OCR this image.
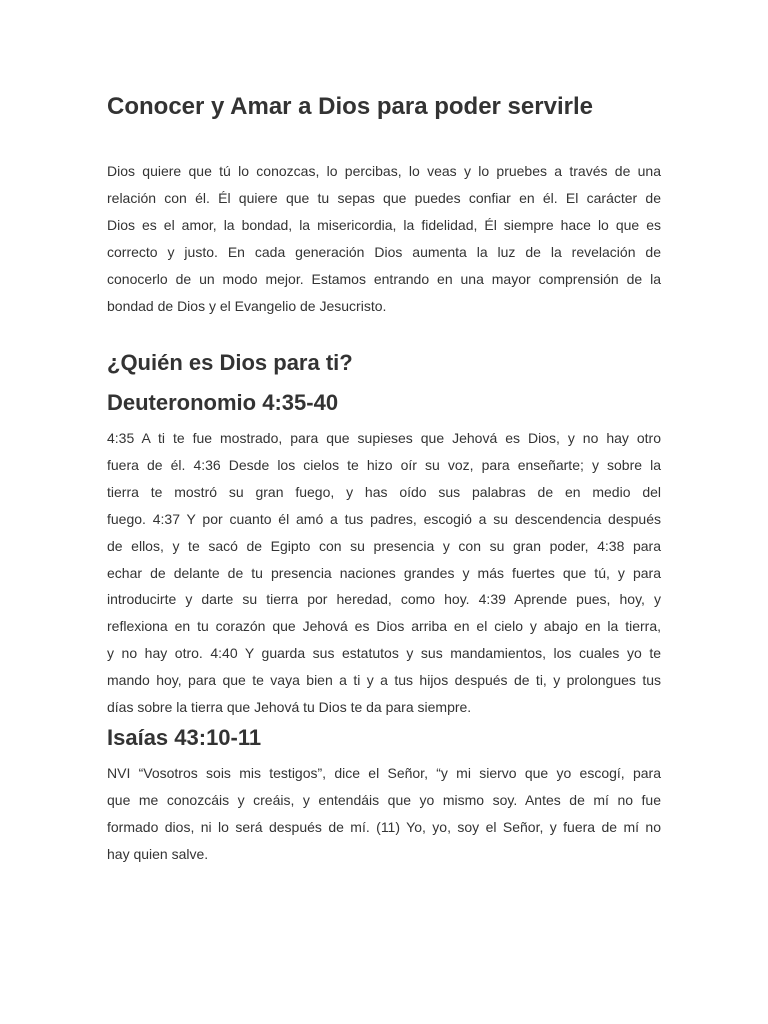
Conocer y Amar a Dios para poder servirle

Dios quiere que tú lo conozcas, lo percibas, lo veas y lo pruebes a través de una
relación con él. Él quiere que tu sepas que puedes confiar en él. El carácter de
Dios es el amor, la bondad, la misericordia, la fidelidad, Él siempre hace lo que es
correcto y justo. En cada generación Dios aumenta la luz de la revelación de
conocerlo de un modo mejor. Estamos entrando en una mayor comprensión de la
bondad de Dios y el Evangelio de Jesucristo.

¿Quién es Dios para ti?
Deuteronomio 4:35-40

4:35 A ti te fue mostrado, para que supieses que Jehová es Dios, y no hay otro
fuera de él. 4:36 Desde los cielos te hizo oír su voz, para enseñarte; y sobre la
tierra te mostró su gran fuego, y has oído sus palabras de en medio del
fuego. 4:37 Y por cuanto él amó a tus padres, escogió a su descendencia después
de ellos, y te sacó de Egipto con su presencia y con su gran poder, 4:38 para
echar de delante de tu presencia naciones grandes y más fuertes que tú, y para
introducirte y darte su tierra por heredad, como hoy. 4:39 Aprende pues, hoy, y
reflexiona en tu corazón que Jehová es Dios arriba en el cielo y abajo en la tierra,
y no hay otro. 4:40 Y guarda sus estatutos y sus mandamientos, los cuales yo te
mando hoy, para que te vaya bien a ti y a tus hijos después de ti, y prolongues tus
días sobre la tierra que Jehová tu Dios te da para siempre.

Isaías 43:10-11

NVI “Vosotros sois mis testigos”, dice el Señor, “y mi siervo que yo escogí, para
que me conozcáis y creáis, y entendáis que yo mismo soy. Antes de mí no fue
formado dios, ni lo será después de mí. (11) Yo, yo, soy el Señor, y fuera de mí no
hay quien salve.
